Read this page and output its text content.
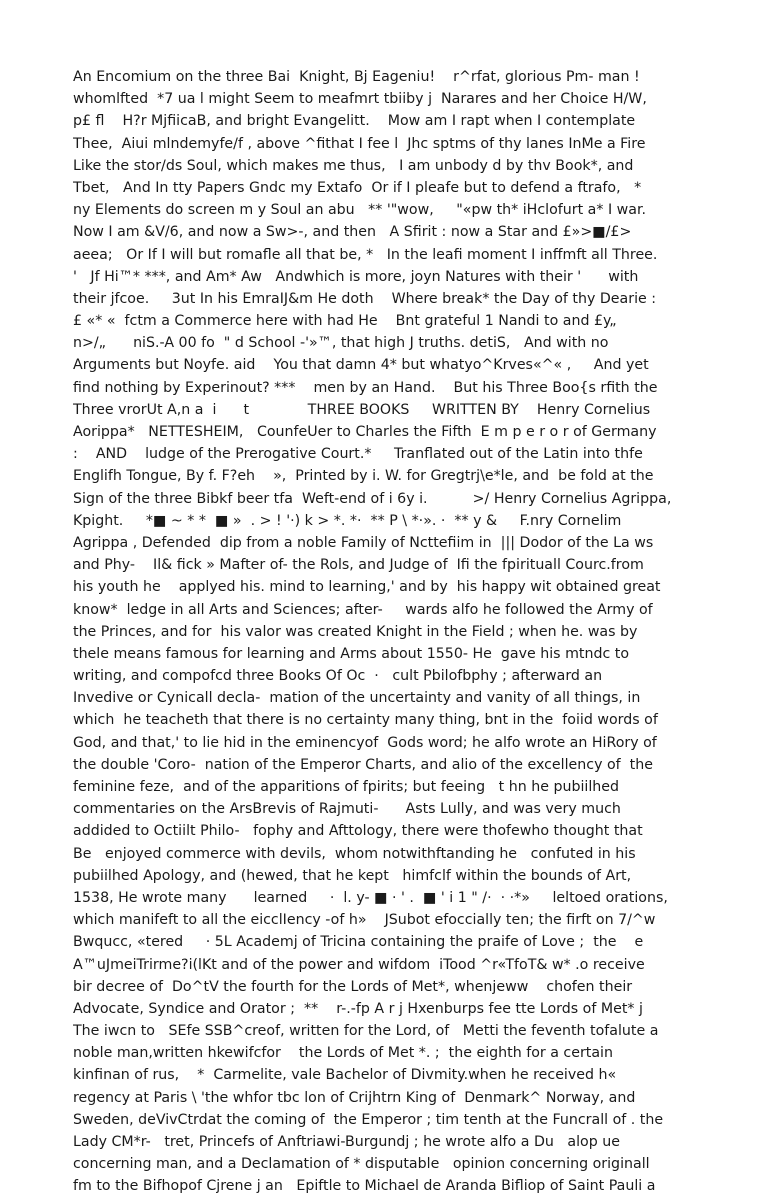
An Encomium on the three Bai  Knight, Bj Eageniu!    r^rfat, glorious Pm- man !
whomlfted  *7 ua l might Seem to meafmrt tbiiby j  Narares and her Choice H/W,
p£ fl    H?r MjfiicaB, and bright Evangelitt.    Mow am I rapt when I contemplate
Thee,  Aiui mlndemyfe/f , above ^fithat I fee l  Jhc sptms of thy lanes InMe a Fire
Like the stor/ds Soul, which makes me thus,   I am unbody d by thv Book*, and
Tbet,   And In tty Papers Gndc my Extafo  Or if I pleafe but to defend a ftrafo,   *
ny Elements do screen m y Soul an abu   ** '"wow,     "«pw th* iHclofurt a* I war.
Now I am &V/6, and now a Sw>-, and then   A Sfirit : now a Star and £»>■/£>
aeea;   Or If I will but romafle all that be, *   In the leafi moment I inffmft all Three.
'   Jf Hi™* ***, and Am* Aw   Andwhich is more, joyn Natures with their '      with
their jfcoe.     3ut In his EmraIJ&m He doth    Where break* the Day of thy Dearie :
£ «* «  fctm a Commerce here with had He    Bnt grateful 1 Nandi to and £y„
n>/„      niS.-A 00 fo  " d School -'»™, that high J truths. detiS,   And with no
Arguments but Noyfe. aid    You that damn 4* but whatyo^Krves«^« ,     And yet
find nothing by Experinout? ***    men by an Hand.    But his Three Boo{s rfith the
Three vrorUt A,n a  i      t             THREE BOOKS     WRITTEN BY    Henry Cornelius
Aorippa*   NETTESHEIM,   CounfeUer to Charles the Fifth  E m p e r o r of Germany
:    AND    ludge of the Prerogative Court.*     Tranflated out of the Latin into thfe
Englifh Tongue, By f. F?eh    »,  Printed by i. W. for Gregtrj\e*le, and  be fold at the
Sign of the three Bibkf beer tfa  Weft-end of i 6y i.          >/ Henry Cornelius Agrippa,
Kpight.     *■ ~ * *  ■ »  . > ! '·) k > *. *·  ** P \ *·». ·  ** y &     F.nry Cornelim
Agrippa , Defended  dip from a noble Family of Ncttefiim in  ||| Dodor of the La ws
and Phy-    Il& fick » Mafter of- the Rols, and Judge of  Ifi the fpirituall Courc.from
his youth he    applyed his. mind to learning,' and by  his happy wit obtained great
know*  ledge in all Arts and Sciences; after-     wards alfo he followed the Army of
the Princes, and for  his valor was created Knight in the Field ; when he. was by
thele means famous for learning and Arms about 1550- He  gave his mtndc to
writing, and compofcd three Books Of Oc  ·   cult Pbilofbphy ; afterward an
Invedive or Cynicall decla-  mation of the uncertainty and vanity of all things, in
which  he teacheth that there is no certainty many thing, bnt in the  foiid words of
God, and that,' to lie hid in the eminencyof  Gods word; he alfo wrote an HiRory of
the double 'Coro-  nation of the Emperor Charts, and alio of the excellency of  the
feminine feze,  and of the apparitions of fpirits; but feeing   t hn he pubiilhed
commentaries on the ArsBrevis of Rajmuti-      Asts Lully, and was very much
addided to Octiilt Philo-   fophy and Afttology, there were thofewho thought that
Be   enjoyed commerce with devils,  whom notwithftanding he   confuted in his
pubiilhed Apology, and (hewed, that he kept   himfclf within the bounds of Art,
1538, He wrote many      learned     ·  l. y- ■ · ' .  ■ ' i 1 " /·  · ·*»     leltoed orations,
which manifeft to all the eicclIency -of h»    JSubot efoccially ten; the firft on 7/^w
Bwqucc, «tered     · 5L Academj of Tricina containing the praife of Love ;  the    e
A™uJmeiTrirme?i(lKt and of the power and wifdom  iTood ^r«TfoT& w* .o receive
bir decree of  Do^tV the fourth for the Lords of Met*, whenjeww    chofen their
Advocate, Syndice and Orator ;  **    r-.-fp A r j Hxenburps fee tte Lords of Met* j
The iwcn to   SEfe SSB^creof, written for the Lord, of   Metti the feventh tofalute a
noble man,written hkewifcfor    the Lords of Met *. ;  the eighth for a certain
kinfinan of rus,    *  Carmelite, vale Bachelor of Divmity.when he received h«
regency at Paris \ 'the whfor tbc lon of Crijhtrn King of  Denmark^ Norway, and
Sweden, deVivCtrdat the coming of  the Emperor ; tim tenth at the Funcrall of . the
Lady CM*r-   tret, Princefs of Anftriawi-Burgundj ; he wrote alfo a Du   alop ue
concerning man, and a Declamation of * disputable   opinion concerning originall
fm to the Bifhopof Cjrene j an   Epiftle to Michael de Aranda Bifliop of Saint Pauli a
